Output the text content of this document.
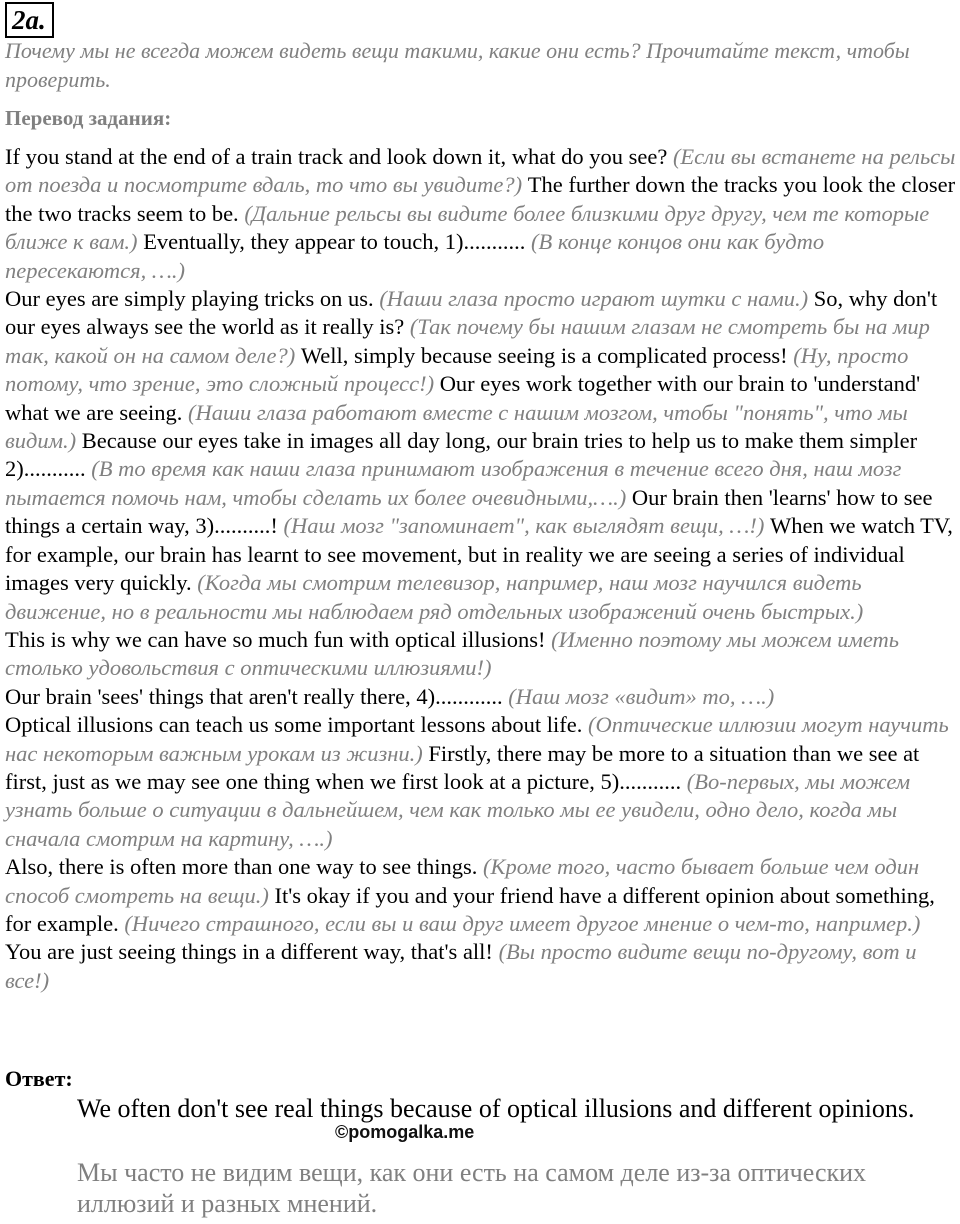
2a.
Почему мы не всегда можем видеть вещи такими, какие они есть? Прочитайте текст, чтобы проверить.
Перевод задания:

If you stand at the end of a train track and look down it, what do you see? (Если вы встанете на рельсы от поезда и посмотрите вдаль, то что вы увидите?) The further down the tracks you look the closer the two tracks seem to be. (Дальние рельсы вы видите более близкими друг другу, чем те которые ближе к вам.) Eventually, they appear to touch, 1)........... (В конце концов они как будто пересекаются, ….)

Our eyes are simply playing tricks on us. (Наши глаза просто играют шутки с нами.) So, why don't our eyes always see the world as it really is? (Так почему бы нашим глазам не смотреть бы на мир так, какой он на самом деле?) Well, simply because seeing is a complicated process! (Ну, просто потому, что зрение, это сложный процесс!) Our eyes work together with our brain to 'understand' what we are seeing. (Наши глаза работают вместе с нашим мозгом, чтобы "понять", что мы видим.) Because our eyes take in images all day long, our brain tries to help us to make them simpler 2)........... (В то время как наши глаза принимают изображения в течение всего дня, наш мозг пытается помочь нам, чтобы сделать их более очевидными,….) Our brain then 'learns' how to see things a certain way, 3)..........! (Наш мозг "запоминает", как выглядят вещи, …!) When we watch TV, for example, our brain has learnt to see movement, but in reality we are seeing a series of individual images very quickly. (Когда мы смотрим телевизор, например, наш мозг научился видеть движение, но в реальности мы наблюдаем ряд отдельных изображений очень быстрых.)

This is why we can have so much fun with optical illusions! (Именно поэтому мы можем иметь столько удовольствия с оптическими иллюзиями!)

Our brain 'sees' things that aren't really there, 4)............ (Наш мозг «видит» то, ….)

Optical illusions can teach us some important lessons about life. (Оптические иллюзии могут научить нас некоторым важным урокам из жизни.) Firstly, there may be more to a situation than we see at first, just as we may see one thing when we first look at a picture, 5)........... (Во-первых, мы можем узнать больше о ситуации в дальнейшем, чем как только мы ее увидели, одно дело, когда мы сначала смотрим на картину, ….)

Also, there is often more than one way to see things. (Кроме того, часто бывает больше чем один способ смотреть на вещи.) It's okay if you and your friend have a different opinion about something, for example. (Ничего страшного, если вы и ваш друг имеет другое мнение о чем-то, например.) You are just seeing things in a different way, that's all! (Вы просто видите вещи по-другому, вот и все!)

Ответ:
We often don't see real things because of optical illusions and different opinions.
©pomogalka.me
Мы часто не видим вещи, как они есть на самом деле из-за оптических иллюзий и разных мнений.
